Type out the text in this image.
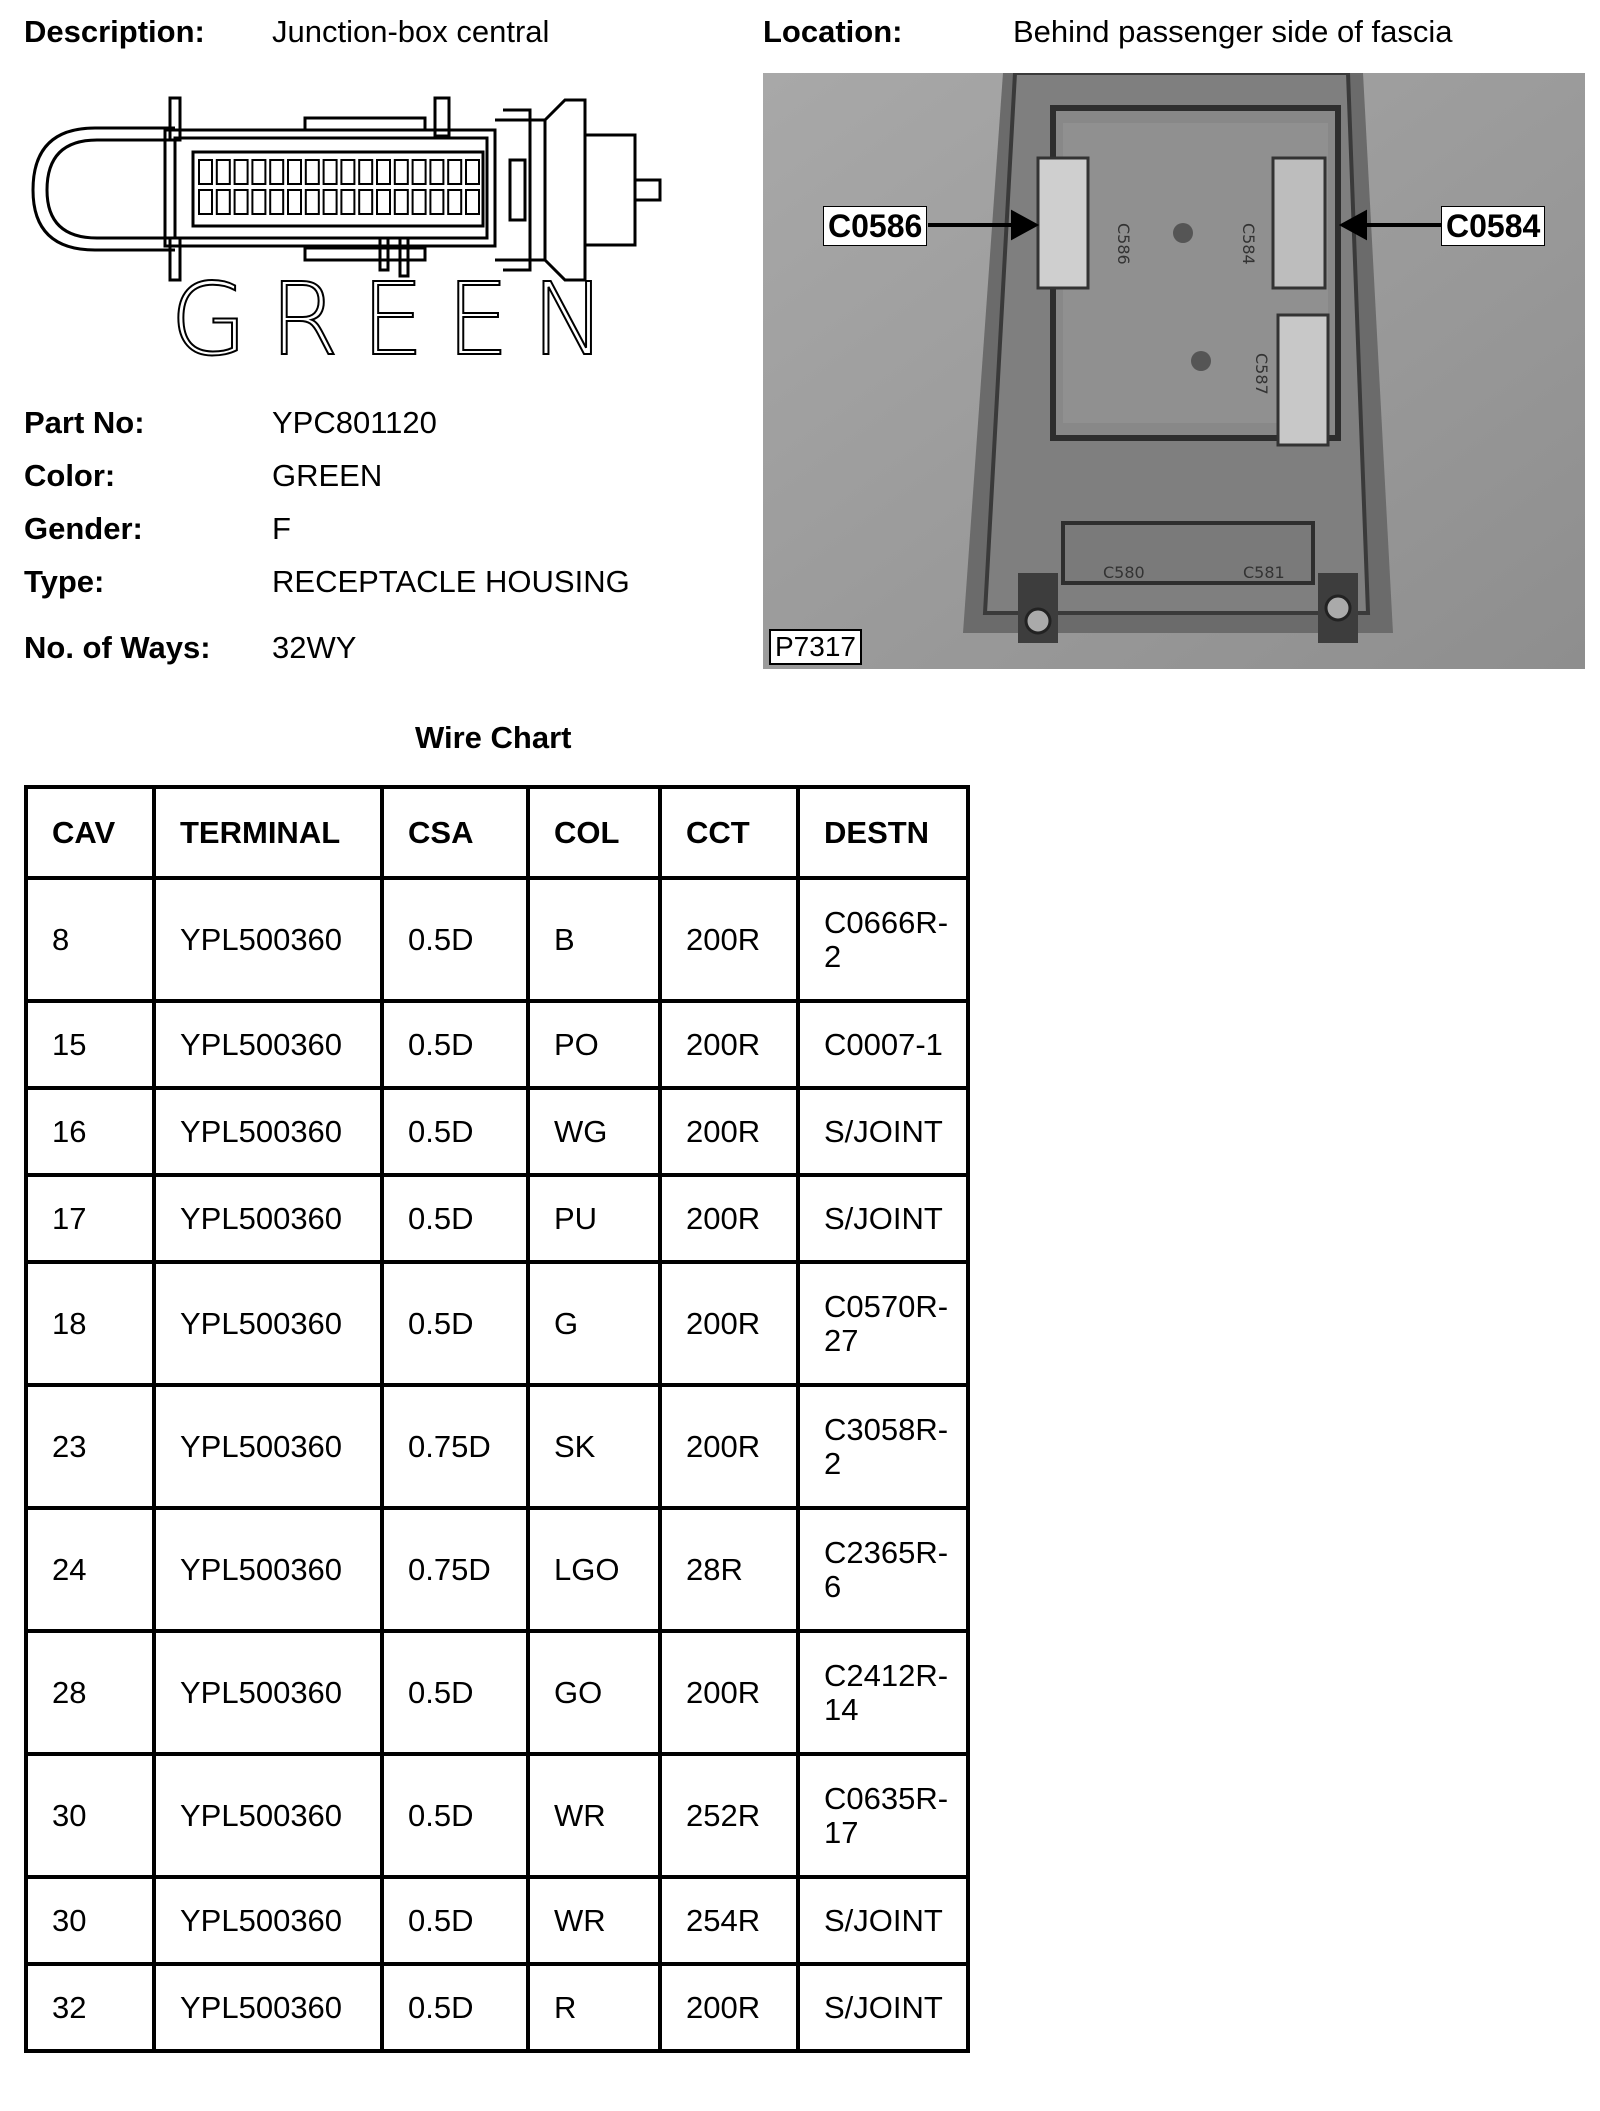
Description: Junction-box central	Location:	Behind passenger side of fascia
GREEN
Part No:	YPC801120
Color:	GREEN
Gender:	F
Type:	RECEPTACLE HOUSING
No. of Ways: 32WY
C586	C584
C587
C580	C581
C0586	C0584
P7317
Wire Chart
CAV	TERMINAL	CSA	COL	CCT	DESTN
8	YPL500360	0.5D	B	200R	C0666R-
2

15	YPL500360	0.5D	PO	200R	C0007-1

16	YPL500360	0.5D	WG	200R	S/JOINT

17	YPL500360	0.5D	PU	200R	S/JOINT

18	YPL500360	0.5D	G	200R	C0570R-
27

23	YPL500360	0.75D	SK	200R	C3058R-
2

24	YPL500360	0.75D	LGO	28R	C2365R-
6

28	YPL500360	0.5D	GO	200R	C2412R-
14

30	YPL500360	0.5D	WR	252R	C0635R-
17

30	YPL500360	0.5D	WR	254R	S/JOINT

32	YPL500360	0.5D	R	200R	S/JOINT
